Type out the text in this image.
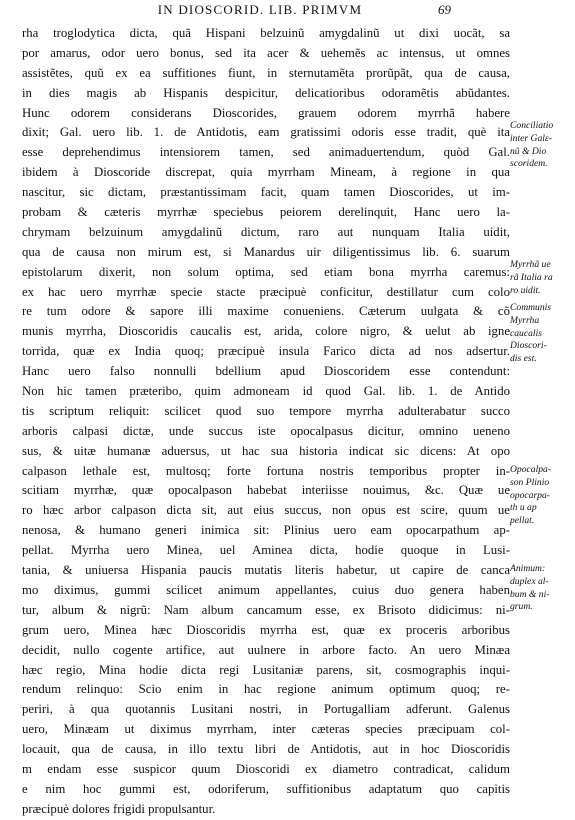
IN DIOSCORID. LIB. PRIMVM	69
rha troglodytica dicta, quã Hispani belzuinũ amygdalinũ ut dixi uocãt, sa
por amarus, odor uero bonus, sed ita acer & uehemẽs ac intensus, ut omnes
assistẽtes, quũ ex ea suffitiones fiunt, in sternutamẽta prorũpãt, qua de causa,
in dies magis ab Hispanis despicitur, delicatioribus odoramẽtis abũdantes.
Hunc odorem considerans Dioscorides, grauem odorem myrrhã habere
dixit; Gal. uero lib. 1. de Antidotis, eam gratissimi odoris esse tradit, què ita
esse deprehendimus intensiorem tamen, sed animaduertendum, quòd Gal.
ibidem à Dioscoride discrepat, quia myrrham Mineam, à regione in qua
nascitur, sic dictam, præstantissimam facit, quam tamen Dioscorides, ut im-
probam & cæteris myrrhæ speciebus peiorem derelinquit, Hanc uero la-
chrymam belzuinum amygdalinũ dictum, raro aut nunquam Italia uidit,
qua de causa non mirum est, si Manardus uir diligentissimus lib. 6. suarum
epistolarum dixerit, non solum optima, sed etiam bona myrrha caremus:
ex hac uero myrrhæ specie stacte præcipuè conficitur, destillatur cum colo
re tum odore & sapore illi maxime conueniens. Cæterum uulgata & cõ
munis myrrha, Dioscoridis caucalis est, arida, colore nigro, & uelut ab igne
torrida, quæ ex India quoq; præcipuè insula Farico dicta ad nos adsertur.
Hanc uero falso nonnulli bdellium apud Dioscoridem esse contendunt:
Non hic tamen præteribo, quim admoneam id quod Gal. lib. 1. de Antido
tis scriptum reliquit: scilicet quod suo tempore myrrha adulterabatur succo
arboris calpasi dictæ, unde succus iste opocalpasus dicitur, omnino ueneno
sus, & uitæ humanæ aduersus, ut hac sua historia indicat sic dicens: At opo
calpason lethale est, multosq; forte fortuna nostris temporibus propter in-
scitiam myrrhæ, quæ opocalpason habebat interiisse nouimus, &c. Quæ ue
ro hæc arbor calpason dicta sit, aut eius succus, non opus est scire, quum ue
nenosa, & humano generi inimica sit: Plinius uero eam opocarpathum ap-
pellat. Myrrha uero Minea, uel Aminea dicta, hodie quoque in Lusi-
tania, & uniuersa Hispania paucis mutatis literis habetur, ut capire de canca
mo diximus, gummi scilicet animum appellantes, cuius duo genera haben
tur, album & nigrũ: Nam album cancamum esse, ex Brisoto didicimus: ni-
grum uero, Minea hæc Dioscoridis myrrha est, quæ ex proceris arboribus
decidit, nullo cogente artifice, aut uulnere in arbore facto. An uero Minæa
hæc regio, Mina hodie dicta regi Lusitaniæ parens, sit, cosmographis inqui-
rendum relinquo: Scio enim in hac regione animum optimum quoq; re-
periri, à qua quotannis Lusitani nostri, in Portugalliam adferunt. Galenus
uero, Minæam ut diximus myrrham, inter cæteras species præcipuam col-
locauit, qua de causa, in illo textu libri de Antidotis, aut in hoc Dioscoridis
m endam esse suspicor quum Dioscoridi ex diametro contradicat, calidum
e nim hoc gummi est, odoriferum, suffitionibus adaptatum quo capitis
præcipuè dolores frigidi propulsantur.
Conciliatio
inter Galε-
nũ & Dio
scoridem.
Myrrhã ue
rã Italia ra
ro uidit.
Communis
Myrrha
caucalis
Dioscori-
dis est.
Opocalpa-
son Plinio
opocarpa-
th u ap
pellat.
Animum:
duplex al-
bum & ni-
grum.
